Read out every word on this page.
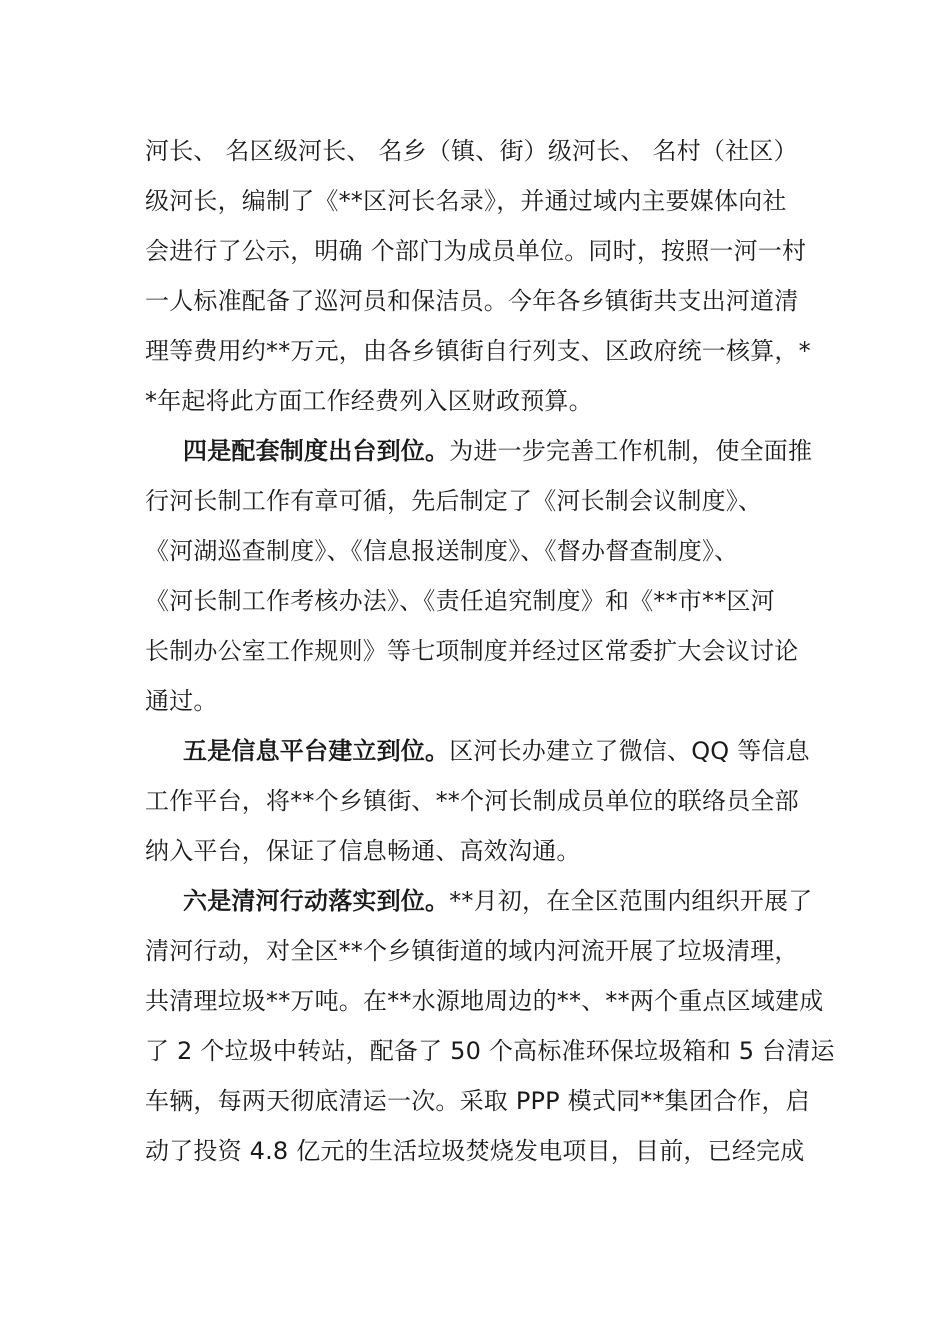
河长、 名区级河长、 名乡（镇、街）级河长、 名村（社区）
级河长，编制了《**区河长名录》，并通过域内主要媒体向社
会进行了公示，明确 个部门为成员单位。同时，按照一河一村
一人标准配备了巡河员和保洁员。今年各乡镇街共支出河道清
理等费用约**万元，由各乡镇街自行列支、区政府统一核算，*
*年起将此方面工作经费列入区财政预算。
四是配套制度出台到位。为进一步完善工作机制，使全面推
行河长制工作有章可循，先后制定了《河长制会议制度》、
《河湖巡查制度》、《信息报送制度》、《督办督查制度》、
《河长制工作考核办法》、《责任追究制度》和《**市**区河
长制办公室工作规则》等七项制度并经过区常委扩大会议讨论
通过。
五是信息平台建立到位。区河长办建立了微信、QQ 等信息
工作平台，将**个乡镇街、**个河长制成员单位的联络员全部
纳入平台，保证了信息畅通、高效沟通。
六是清河行动落实到位。**月初，在全区范围内组织开展了
清河行动，对全区**个乡镇街道的域内河流开展了垃圾清理，
共清理垃圾**万吨。在**水源地周边的**、**两个重点区域建成
了 2 个垃圾中转站，配备了 50 个高标准环保垃圾箱和 5 台清运
车辆，每两天彻底清运一次。采取 PPP 模式同**集团合作，启
动了投资 4.8 亿元的生活垃圾焚烧发电项目，目前，已经完成
